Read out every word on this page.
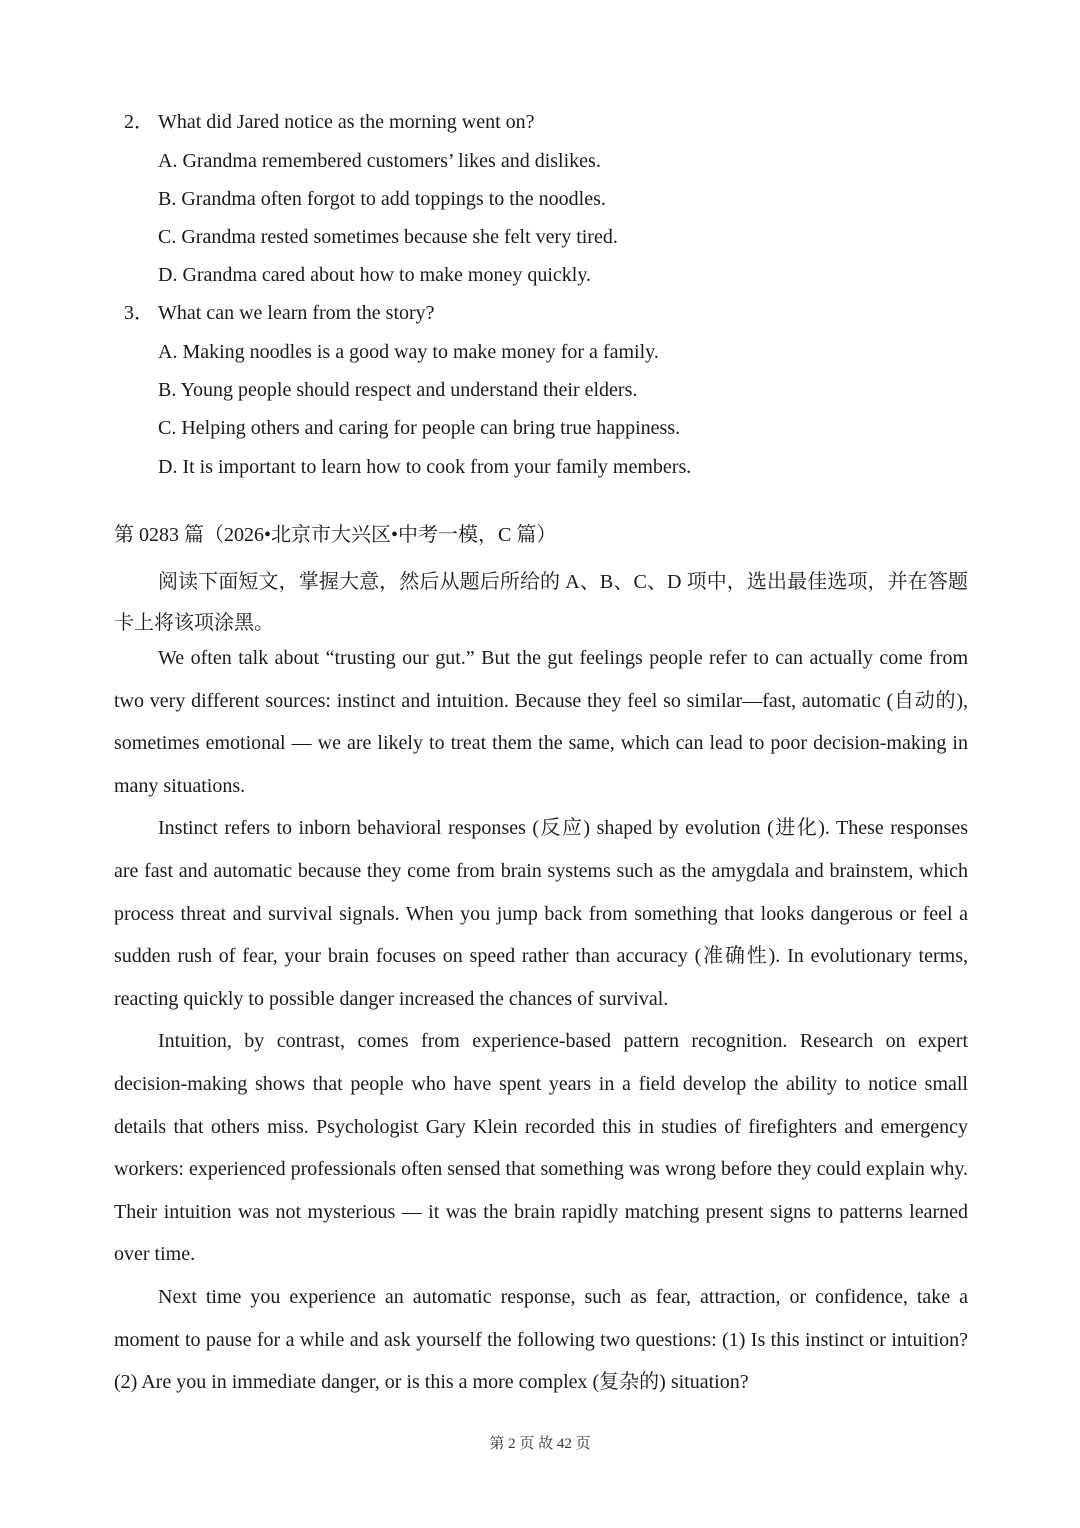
2． What did Jared notice as the morning went on?
A. Grandma remembered customers’ likes and dislikes.
B. Grandma often forgot to add toppings to the noodles.
C. Grandma rested sometimes because she felt very tired.
D. Grandma cared about how to make money quickly.
3． What can we learn from the story?
A. Making noodles is a good way to make money for a family.
B. Young people should respect and understand their elders.
C. Helping others and caring for people can bring true happiness.
D. It is important to learn how to cook from your family members.
第 0283 篇（2026•北京市大兴区•中考一模，C 篇）

阅读下面短文，掌握大意，然后从题后所给的 A、B、C、D 项中，选出最佳选项，并在答题卡上将该项涂黑。

We often talk about “trusting our gut.” But the gut feelings people refer to can actually come from two very different sources: instinct and intuition. Because they feel so similar—fast, automatic (自动的), sometimes emotional — we are likely to treat them the same, which can lead to poor decision-making in many situations.

Instinct refers to inborn behavioral responses (反应) shaped by evolution (进化). These responses are fast and automatic because they come from brain systems such as the amygdala and brainstem, which process threat and survival signals. When you jump back from something that looks dangerous or feel a sudden rush of fear, your brain focuses on speed rather than accuracy (准确性). In evolutionary terms, reacting quickly to possible danger increased the chances of survival.

Intuition, by contrast, comes from experience-based pattern recognition. Research on expert decision-making shows that people who have spent years in a field develop the ability to notice small details that others miss. Psychologist Gary Klein recorded this in studies of firefighters and emergency workers: experienced professionals often sensed that something was wrong before they could explain why. Their intuition was not mysterious — it was the brain rapidly matching present signs to patterns learned over time.

Next time you experience an automatic response, such as fear, attraction, or confidence, take a moment to pause for a while and ask yourself the following two questions: (1) Is this instinct or intuition? (2) Are you in immediate danger, or is this a more complex (复杂的) situation?

第 2 页 故 42 页
